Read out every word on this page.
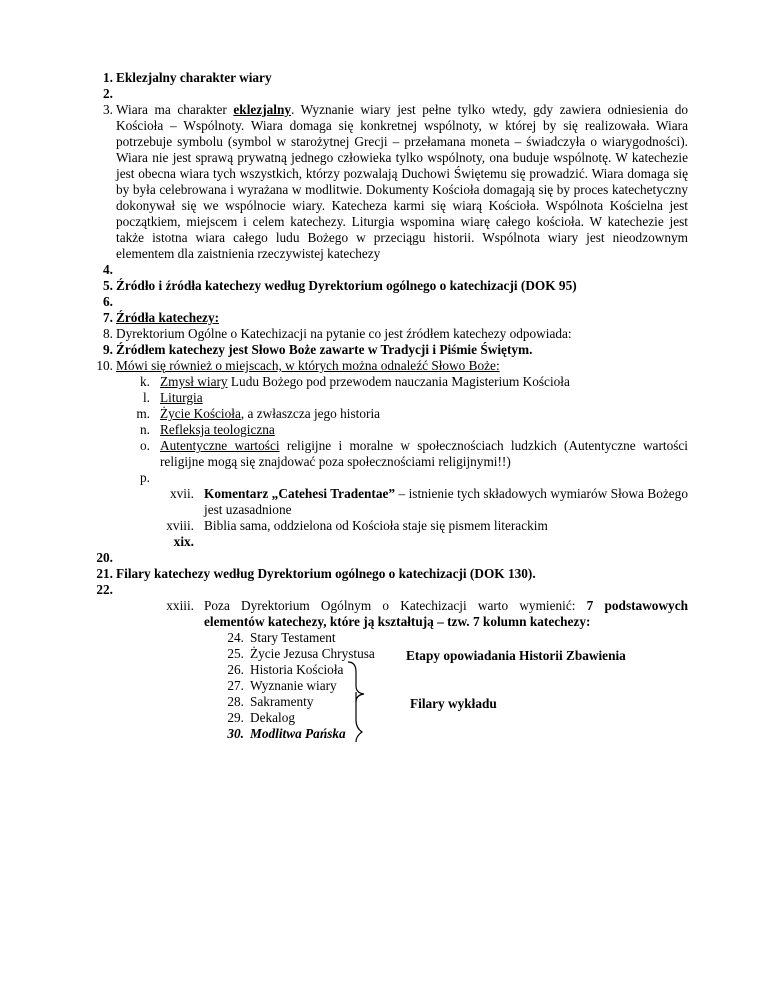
1. Eklezjalny charakter wiary
2.
3. Wiara ma charakter eklezjalny. Wyznanie wiary jest pełne tylko wtedy, gdy zawiera odniesienia do Kościoła – Wspólnoty. Wiara domaga się konkretnej wspólnoty, w której by się realizowała. Wiara potrzebuje symbolu (symbol w starożytnej Grecji – przełamana moneta – świadczyła o wiarygodności). Wiara nie jest sprawą prywatną jednego człowieka tylko wspólnoty, ona buduje wspólnotę. W katechezie jest obecna wiara tych wszystkich, którzy pozwalają Duchowi Świętemu się prowadzić. Wiara domaga się by była celebrowana i wyrażana w modlitwie. Dokumenty Kościoła domagają się by proces katechetyczny dokonywał się we wspólnocie wiary. Katecheza karmi się wiarą Kościoła. Wspólnota Kościelna jest początkiem, miejscem i celem katechezy. Liturgia wspomina wiarę całego kościoła. W katechezie jest także istotna wiara całego ludu Bożego w przeciągu historii. Wspólnota wiary jest nieodzownym elementem dla zaistnienia rzeczywistej katechezy
4.
5. Źródło i źródła katechezy według Dyrektorium ogólnego o katechizacji (DOK 95)
6.
7. Źródła katechezy:
8. Dyrektorium Ogólne o Katechizacji na pytanie co jest źródłem katechezy odpowiada:
9. Źródłem katechezy jest Słowo Boże zawarte w Tradycji i Piśmie Świętym.
10. Mówi się również o miejscach, w których można odnaleźć Słowo Boże:
k. Zmysł wiary Ludu Bożego pod przewodem nauczania Magisterium Kościoła
l. Liturgia
m. Życie Kościoła, a zwłaszcza jego historia
n. Refleksja teologiczna
o. Autentyczne wartości religijne i moralne w społecznościach ludzkich (Autentyczne wartości religijne mogą się znajdować poza społecznościami religijnymi!!)
p.
xvii. Komentarz „Catehesi Tradentae” – istnienie tych składowych wymiarów Słowa Bożego jest uzasadnione
xviii. Biblia sama, oddzielona od Kościoła staje się pismem literackim
xix.
20.
21. Filary katechezy według Dyrektorium ogólnego o katechizacji (DOK 130).
22.
xxiii. Poza Dyrektorium Ogólnym o Katechizacji warto wymienić: 7 podstawowych elementów katechezy, które ją kształtują – tzw. 7 kolumn katechezy:
24. Stary Testament
25. Życie Jezusa Chrystusa
26. Historia Kościoła
27. Wyznanie wiary
28. Sakramenty
29. Dekalog
30. Modlitwa Pańska
Etapy opowiadania Historii Zbawienia
Filary wykładu
